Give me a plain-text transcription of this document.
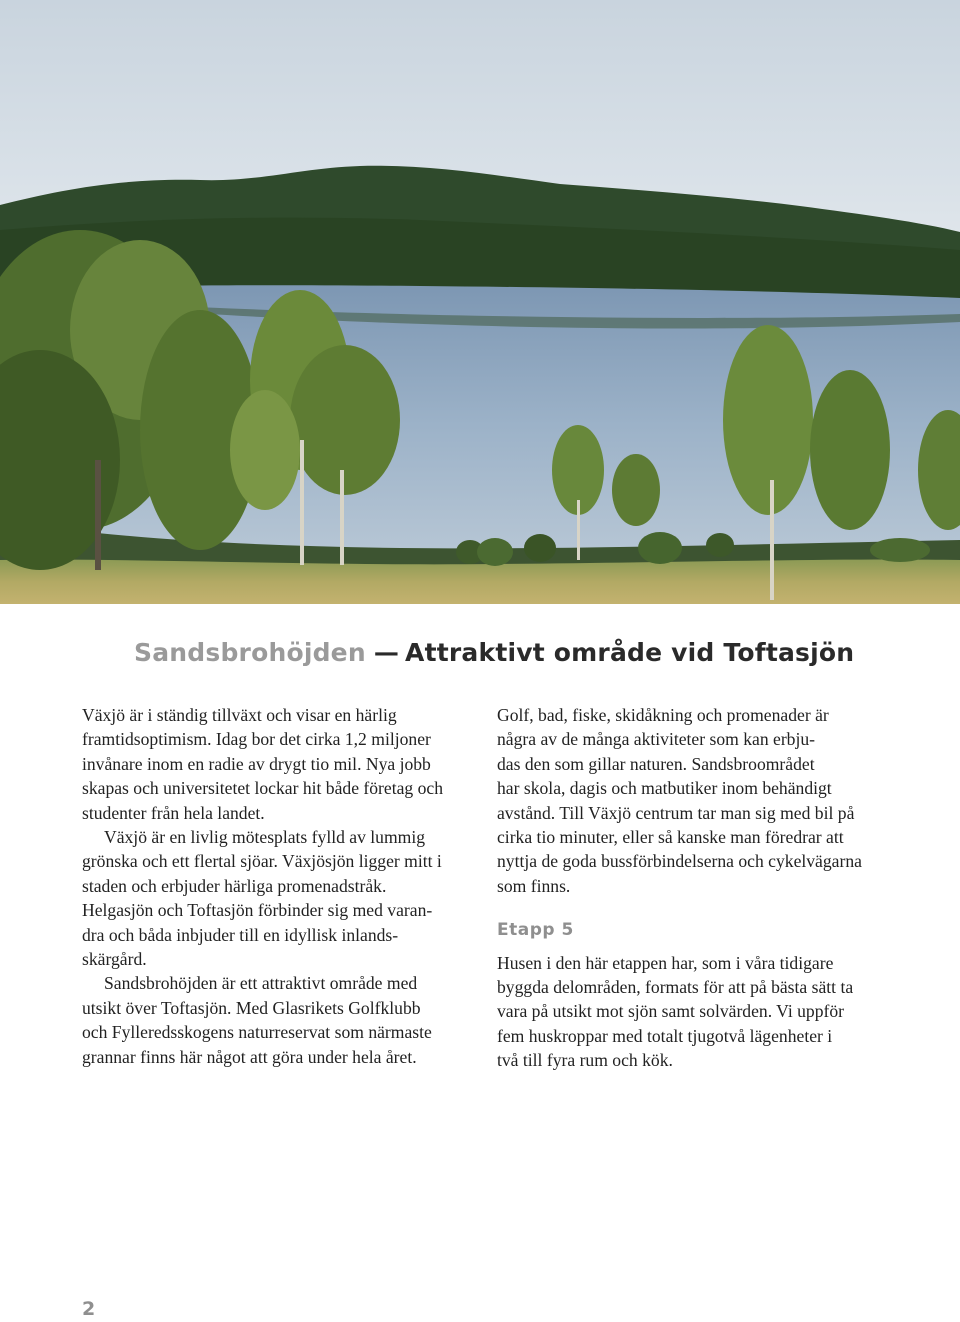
Sandsbrohöjden — Attraktivt område vid Toftasjön

Växjö är i ständig tillväxt och visar en härlig
framtidsoptimism. Idag bor det cirka 1,2 miljoner
invånare inom en radie av drygt tio mil. Nya jobb
skapas och universitetet lockar hit både företag och
studenter från hela landet.

Växjö är en livlig mötesplats fylld av lummig
grönska och ett flertal sjöar. Växjösjön ligger mitt i
staden och erbjuder härliga promenadstråk.
Helgasjön och Toftasjön förbinder sig med varan-
dra och båda inbjuder till en idyllisk inlands-
skärgård.

Sandsbrohöjden är ett attraktivt område med
utsikt över Toftasjön. Med Glasrikets Golfklubb
och Fylleredsskogens naturreservat som närmaste
grannar finns här något att göra under hela året.

Golf, bad, fiske, skidåkning och promenader är
några av de många aktiviteter som kan erbju-
das den som gillar naturen. Sandsbroområdet
har skola, dagis och matbutiker inom behändigt
avstånd. Till Växjö centrum tar man sig med bil på
cirka tio minuter, eller så kanske man föredrar att
nyttja de goda bussförbindelserna och cykelvägarna
som finns.

Etapp 5

Husen i den här etappen har, som i våra tidigare
byggda delområden, formats för att på bästa sätt ta
vara på utsikt mot sjön samt solvärden. Vi uppför
fem huskroppar med totalt tjugotvå lägenheter i
två till fyra rum och kök.

2
